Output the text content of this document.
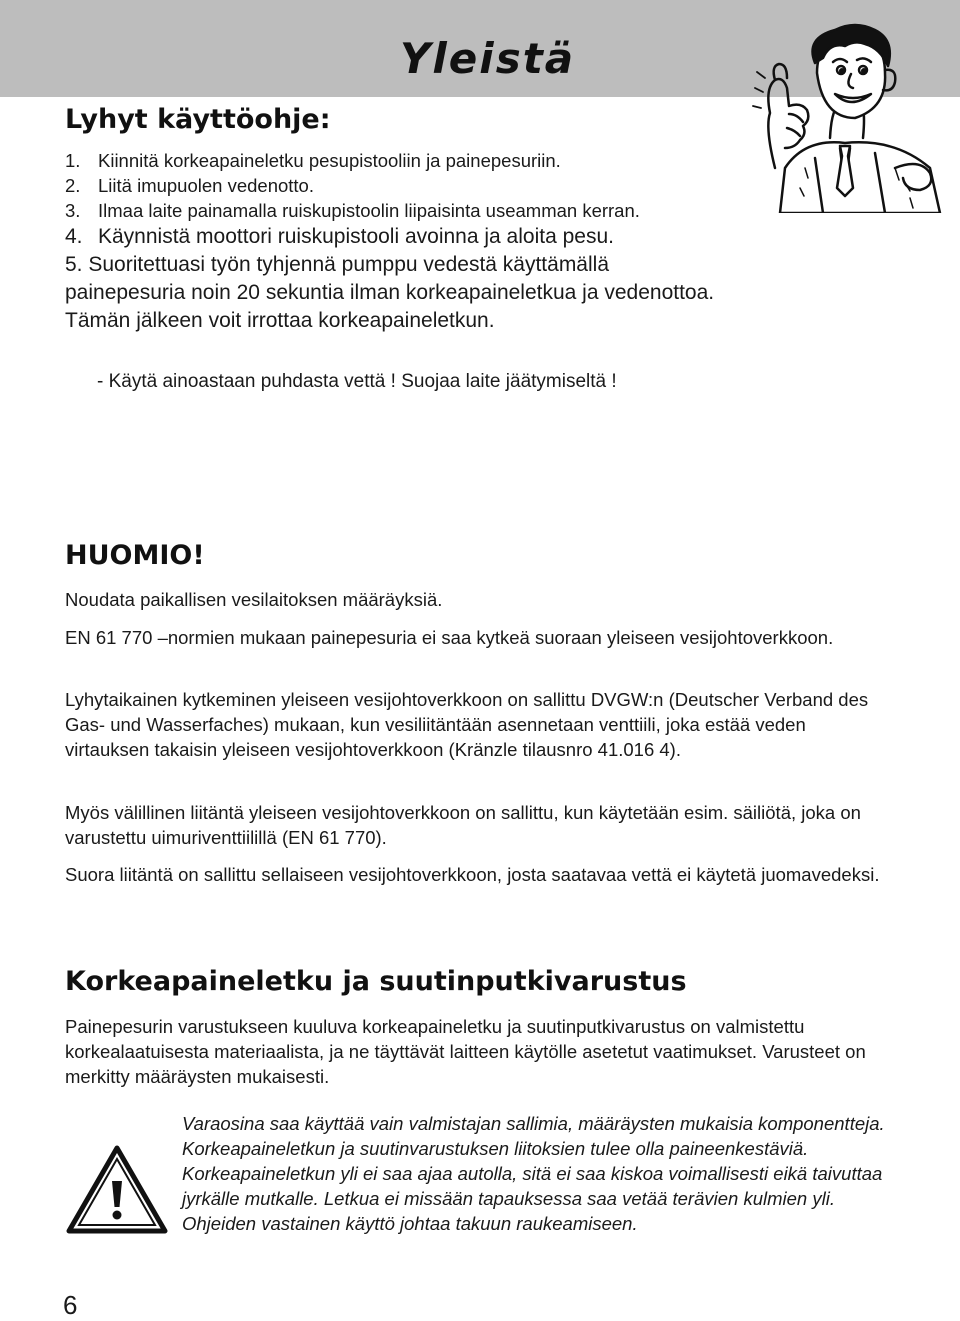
Yleistä
Lyhyt käyttöohje:
1. Kiinnitä korkeapaineletku pesupistooliin ja painepesuriin.
2. Liitä imupuolen vedenotto.
3. Ilmaa laite painamalla ruiskupistoolin liipaisinta useamman kerran.
4. Käynnistä moottori ruiskupistooli avoinna ja aloita pesu.
5. Suoritettuasi työn tyhjennä pumppu vedestä käyttämällä painepesuria noin 20 sekuntia ilman korkeapaineletkua ja vedenottoa. Tämän jälkeen voit irrottaa korkeapaineletkun.

- Käytä ainoastaan puhdasta vettä ! Suojaa laite jäätymiseltä !

HUOMIO!

Noudata paikallisen vesilaitoksen määräyksiä.

EN 61 770 –normien mukaan painepesuria ei saa kytkeä suoraan yleiseen vesijohtoverkkoon.

Lyhytaikainen kytkeminen yleiseen vesijohtoverkkoon on sallittu DVGW:n (Deutscher Verband des Gas- und Wasserfaches) mukaan, kun vesiliitäntään asennetaan venttiili, joka estää veden virtauksen takaisin yleiseen vesijohtoverkkoon (Kränzle tilausnro 41.016 4).

Myös välillinen liitäntä yleiseen vesijohtoverkkoon on sallittu, kun käytetään esim. säiliötä, joka on varustettu uimuriventtiilillä (EN 61 770).

Suora liitäntä on sallittu sellaiseen vesijohtoverkkoon, josta saatavaa vettä ei käytetä juomavedeksi.

Korkeapaineletku ja suutinputkivarustus

Painepesurin varustukseen kuuluva korkeapaineletku ja suutinputkivarustus on valmistettu korkealaatuisesta materiaalista, ja ne täyttävät laitteen käytölle asetetut vaatimukset. Varusteet on merkitty määräysten mukaisesti.

Varaosina saa käyttää vain valmistajan sallimia, määräysten mukaisia komponentteja. Korkeapaineletkun ja suutinvarustuksen liitoksien tulee olla paineenkestäviä. Korkeapaineletkun yli ei saa ajaa autolla, sitä ei saa kiskoa voimallisesti eikä taivuttaa jyrkälle mutkalle. Letkua ei missään tapauksessa saa vetää terävien kulmien yli. Ohjeiden vastainen käyttö johtaa takuun raukeamiseen.

6
